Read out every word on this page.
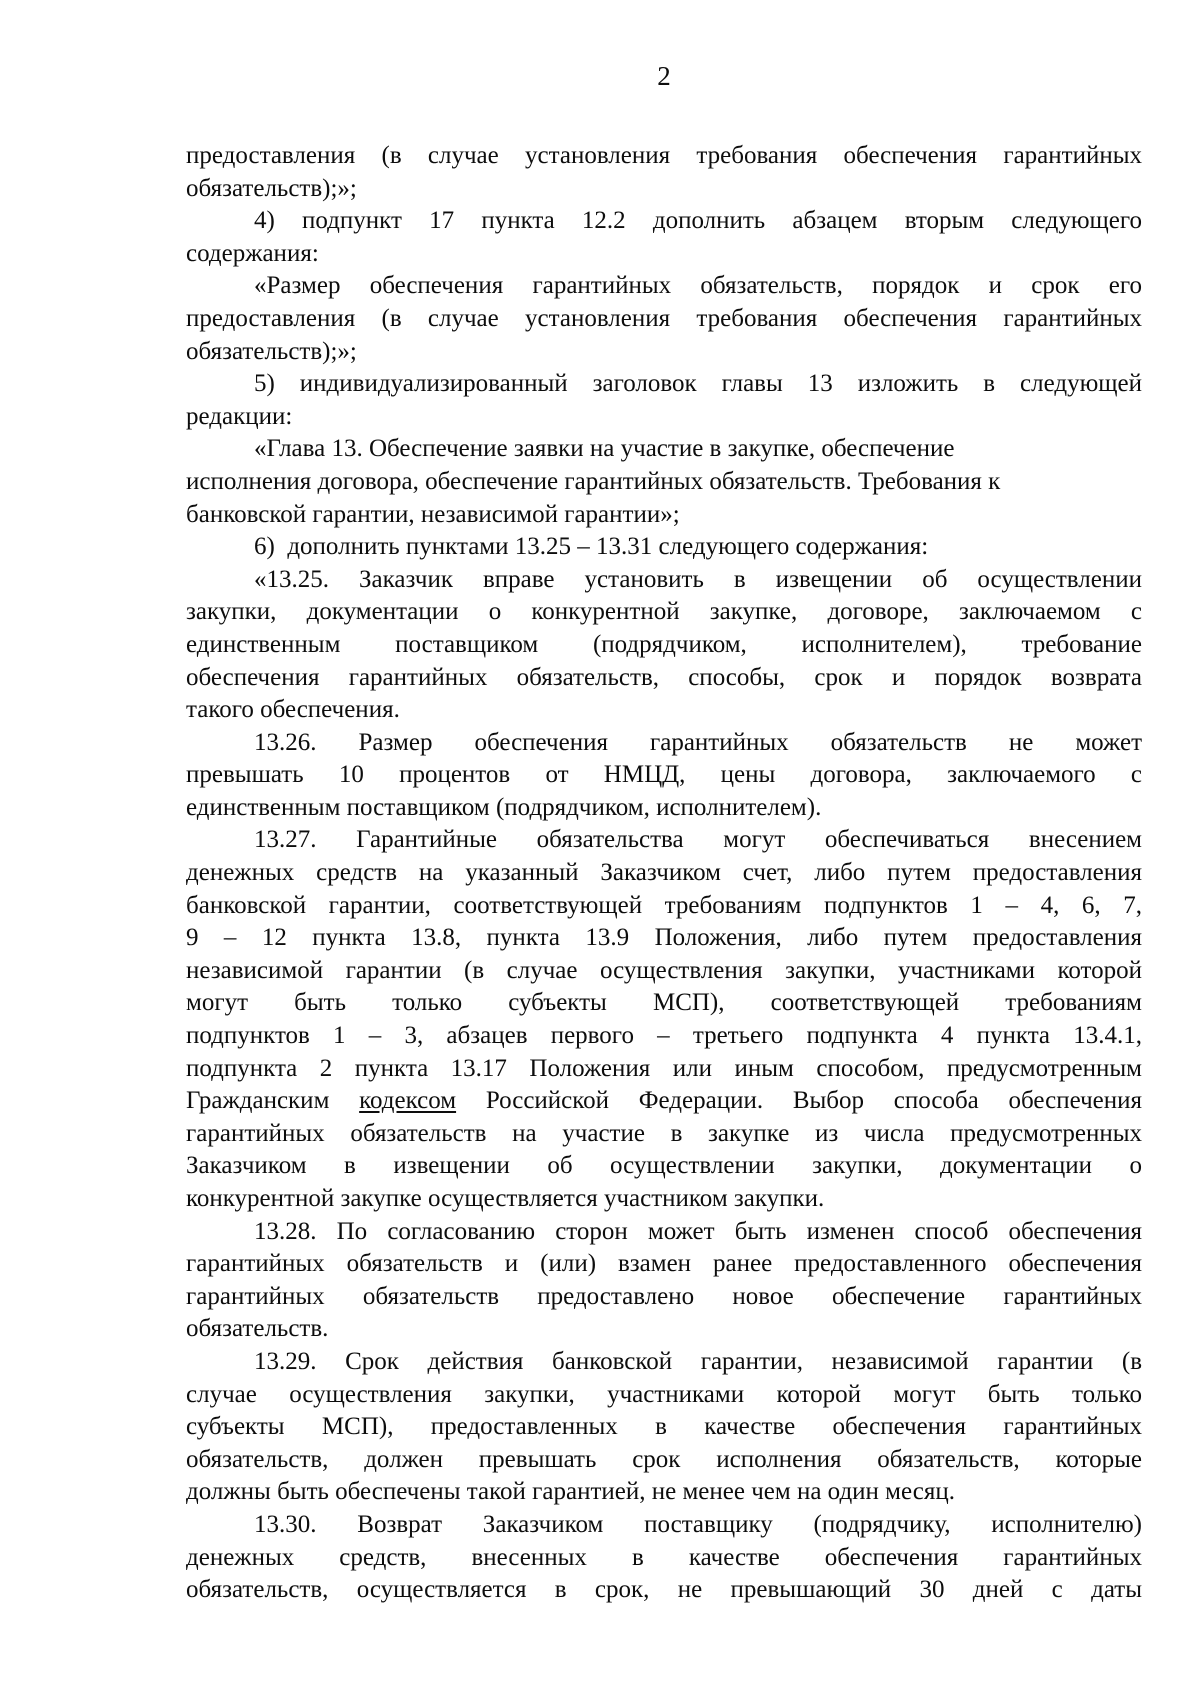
2
предоставления (в случае установления требования обеспечения гарантийных
обязательств);»;
4) подпункт 17 пункта 12.2 дополнить абзацем вторым следующего
содержания:
«Размер обеспечения гарантийных обязательств, порядок и срок его
предоставления (в случае установления требования обеспечения гарантийных
обязательств);»;
5) индивидуализированный заголовок главы 13 изложить в следующей
редакции:
«Глава 13. Обеспечение заявки на участие в закупке, обеспечение
исполнения договора, обеспечение гарантийных обязательств. Требования к
банковской гарантии, независимой гарантии»;
6)  дополнить пунктами 13.25 – 13.31 следующего содержания:
«13.25. Заказчик вправе установить в извещении об осуществлении
закупки, документации о конкурентной закупке, договоре, заключаемом с
единственным поставщиком (подрядчиком, исполнителем), требование
обеспечения гарантийных обязательств, способы, срок и порядок возврата
такого обеспечения.
13.26. Размер обеспечения гарантийных обязательств не может
превышать 10 процентов от НМЦД, цены договора, заключаемого с
единственным поставщиком (подрядчиком, исполнителем).
13.27. Гарантийные обязательства могут обеспечиваться внесением
денежных средств на указанный Заказчиком счет, либо путем предоставления
банковской гарантии, соответствующей требованиям подпунктов 1 – 4, 6, 7,
9 – 12 пункта 13.8, пункта 13.9 Положения, либо путем предоставления
независимой гарантии (в случае осуществления закупки, участниками которой
могут быть только субъекты МСП), соответствующей требованиям
подпунктов 1 – 3, абзацев первого – третьего подпункта 4 пункта 13.4.1,
подпункта 2 пункта 13.17 Положения или иным способом, предусмотренным
Гражданским кодексом Российской Федерации. Выбор способа обеспечения
гарантийных обязательств на участие в закупке из числа предусмотренных
Заказчиком в извещении об осуществлении закупки, документации о
конкурентной закупке осуществляется участником закупки.
13.28. По согласованию сторон может быть изменен способ обеспечения
гарантийных обязательств и (или) взамен ранее предоставленного обеспечения
гарантийных обязательств предоставлено новое обеспечение гарантийных
обязательств.
13.29. Срок действия банковской гарантии, независимой гарантии (в
случае осуществления закупки, участниками которой могут быть только
субъекты МСП), предоставленных в качестве обеспечения гарантийных
обязательств, должен превышать срок исполнения обязательств, которые
должны быть обеспечены такой гарантией, не менее чем на один месяц.
13.30. Возврат Заказчиком поставщику (подрядчику, исполнителю)
денежных средств, внесенных в качестве обеспечения гарантийных
обязательств, осуществляется в срок, не превышающий 30 дней с даты
